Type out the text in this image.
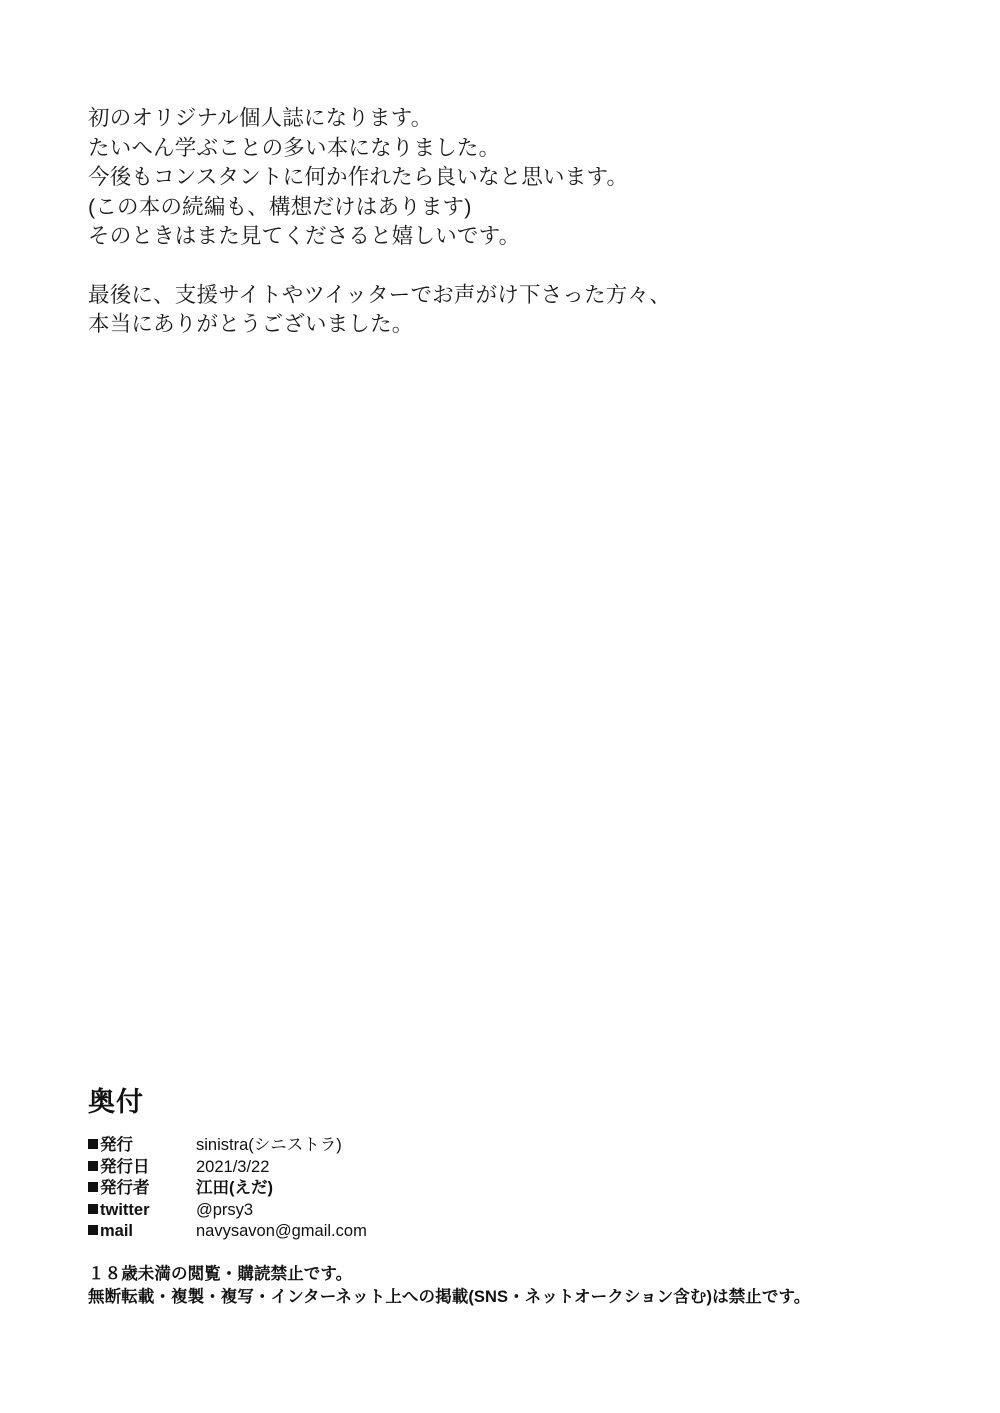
初のオリジナル個人誌になります。

たいへん学ぶことの多い本になりました。

今後もコンスタントに何か作れたら良いなと思います。

(この本の続編も、構想だけはあります)

そのときはまた見てくださると嬉しいです。

最後に、支援サイトやツイッターでお声がけ下さった方々、

本当にありがとうございました。

奥付
発行	sinistra(シニストラ)
発行日	2021/3/22
発行者	江田(えだ)
twitter	@prsy3
mail	navysavon@gmail.com

１８歳未満の閲覧・購読禁止です。

無断転載・複製・複写・インターネット上への掲載(SNS・ネットオークション含む)は禁止です。
